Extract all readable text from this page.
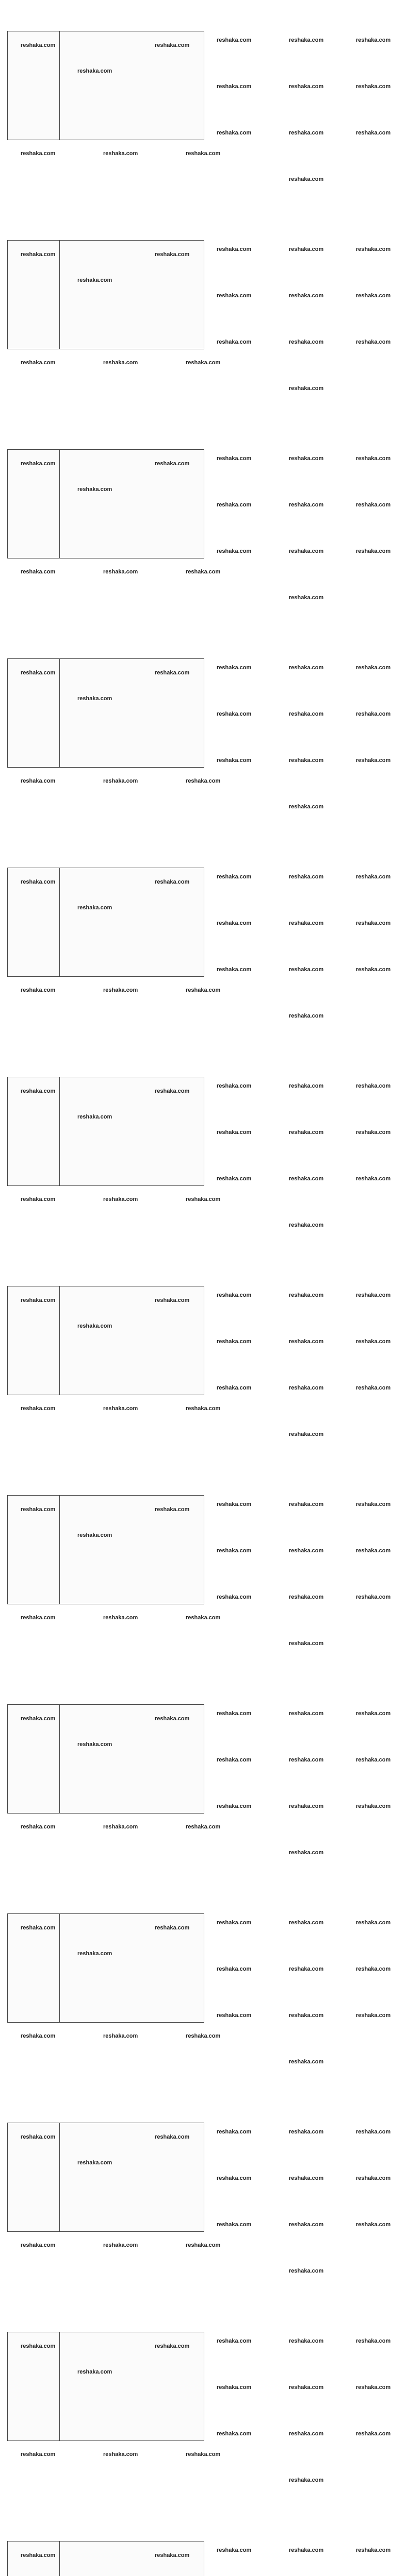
reshaka.com
reshaka.com
reshaka.com
reshaka.com	reshaka.com	reshaka.com
reshaka.com	reshaka.com	reshaka.com
reshaka.com	reshaka.com	reshaka.com
reshaka.com	reshaka.com	reshaka.com
reshaka.com
reshaka.com
reshaka.com
reshaka.com
reshaka.com	reshaka.com	reshaka.com
reshaka.com	reshaka.com	reshaka.com
reshaka.com	reshaka.com	reshaka.com
reshaka.com	reshaka.com	reshaka.com
reshaka.com
reshaka.com
reshaka.com
reshaka.com
reshaka.com	reshaka.com	reshaka.com
reshaka.com	reshaka.com	reshaka.com
reshaka.com	reshaka.com	reshaka.com
reshaka.com	reshaka.com	reshaka.com
reshaka.com
reshaka.com
reshaka.com
reshaka.com
reshaka.com	reshaka.com	reshaka.com
reshaka.com	reshaka.com	reshaka.com
reshaka.com	reshaka.com	reshaka.com
reshaka.com	reshaka.com	reshaka.com
reshaka.com
reshaka.com
reshaka.com
reshaka.com
reshaka.com	reshaka.com	reshaka.com
reshaka.com	reshaka.com	reshaka.com
reshaka.com	reshaka.com	reshaka.com
reshaka.com	reshaka.com	reshaka.com
reshaka.com
reshaka.com
reshaka.com
reshaka.com
reshaka.com	reshaka.com	reshaka.com
reshaka.com	reshaka.com	reshaka.com
reshaka.com	reshaka.com	reshaka.com
reshaka.com	reshaka.com	reshaka.com
reshaka.com
reshaka.com
reshaka.com
reshaka.com
reshaka.com	reshaka.com	reshaka.com
reshaka.com	reshaka.com	reshaka.com
reshaka.com	reshaka.com	reshaka.com
reshaka.com	reshaka.com	reshaka.com
reshaka.com
reshaka.com
reshaka.com
reshaka.com
reshaka.com	reshaka.com	reshaka.com
reshaka.com	reshaka.com	reshaka.com
reshaka.com	reshaka.com	reshaka.com
reshaka.com	reshaka.com	reshaka.com
reshaka.com
reshaka.com
reshaka.com
reshaka.com
reshaka.com	reshaka.com	reshaka.com
reshaka.com	reshaka.com	reshaka.com
reshaka.com	reshaka.com	reshaka.com
reshaka.com	reshaka.com	reshaka.com
reshaka.com
reshaka.com
reshaka.com
reshaka.com
reshaka.com	reshaka.com	reshaka.com
reshaka.com	reshaka.com	reshaka.com
reshaka.com	reshaka.com	reshaka.com
reshaka.com	reshaka.com	reshaka.com
reshaka.com
reshaka.com
reshaka.com
reshaka.com
reshaka.com	reshaka.com	reshaka.com
reshaka.com	reshaka.com	reshaka.com
reshaka.com	reshaka.com	reshaka.com
reshaka.com	reshaka.com	reshaka.com
reshaka.com
reshaka.com
reshaka.com
reshaka.com
reshaka.com	reshaka.com	reshaka.com
reshaka.com	reshaka.com	reshaka.com
reshaka.com	reshaka.com	reshaka.com
reshaka.com	reshaka.com	reshaka.com
reshaka.com
reshaka.com	reshaka.com
reshaka.com	reshaka.com	reshaka.com
